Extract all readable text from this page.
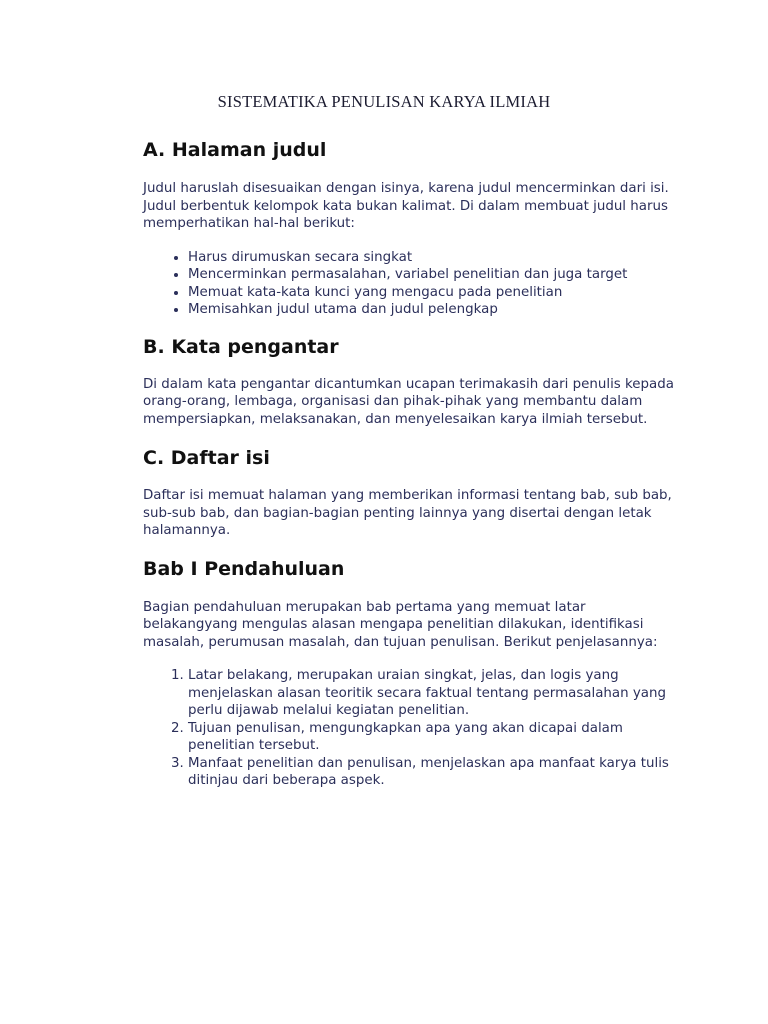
SISTEMATIKA PENULISAN KARYA ILMIAH
A. Halaman judul

Judul haruslah disesuaikan dengan isinya, karena judul mencerminkan dari isi. Judul berbentuk kelompok kata bukan kalimat. Di dalam membuat judul harus memperhatikan hal-hal berikut:

• Harus dirumuskan secara singkat
• Mencerminkan permasalahan, variabel penelitian dan juga target
• Memuat kata-kata kunci yang mengacu pada penelitian
• Memisahkan judul utama dan judul pelengkap
B. Kata pengantar

Di dalam kata pengantar dicantumkan ucapan terimakasih dari penulis kepada orang-orang, lembaga, organisasi dan pihak-pihak yang membantu dalam mempersiapkan, melaksanakan, dan menyelesaikan karya ilmiah tersebut.

C. Daftar isi

Daftar isi memuat halaman yang memberikan informasi tentang bab, sub bab, sub-sub bab, dan bagian-bagian penting lainnya yang disertai dengan letak halamannya.

Bab I Pendahuluan

Bagian pendahuluan merupakan bab pertama yang memuat latar belakangyang mengulas alasan mengapa penelitian dilakukan, identifikasi masalah, perumusan masalah, dan tujuan penulisan. Berikut penjelasannya:

1. Latar belakang, merupakan uraian singkat, jelas, dan logis yang menjelaskan alasan teoritik secara faktual tentang permasalahan yang perlu dijawab melalui kegiatan penelitian.
2. Tujuan penulisan, mengungkapkan apa yang akan dicapai dalam penelitian tersebut.
3. Manfaat penelitian dan penulisan, menjelaskan apa manfaat karya tulis ditinjau dari beberapa aspek.
